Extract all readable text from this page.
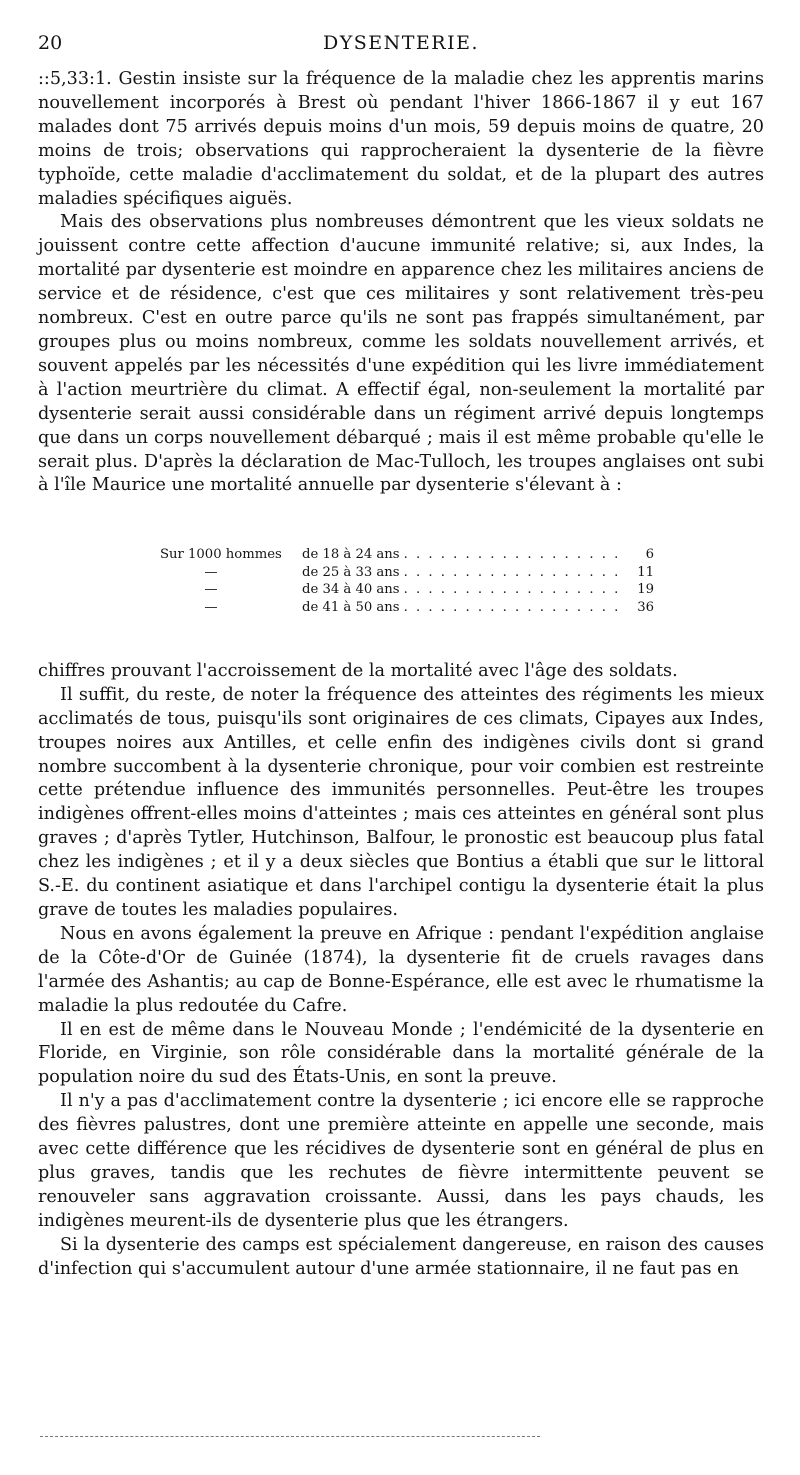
20	DYSENTERIE.

::5,33:1. Gestin insiste sur la fréquence de la maladie chez les apprentis marins nouvellement incorporés à Brest où pendant l'hiver 1866-1867 il y eut 167 malades dont 75 arrivés depuis moins d'un mois, 59 depuis moins de quatre, 20 moins de trois; observations qui rapprocheraient la dysenterie de la fièvre typhoïde, cette maladie d'acclimatement du soldat, et de la plupart des autres maladies spécifiques aiguës.

Mais des observations plus nombreuses démontrent que les vieux soldats ne jouissent contre cette affection d'aucune immunité relative; si, aux Indes, la mortalité par dysenterie est moindre en apparence chez les militaires anciens de service et de résidence, c'est que ces militaires y sont relativement très-peu nombreux. C'est en outre parce qu'ils ne sont pas frappés simultanément, par groupes plus ou moins nombreux, comme les soldats nouvellement arrivés, et souvent appelés par les nécessités d'une expédition qui les livre immédiatement à l'action meurtrière du climat. A effectif égal, non-seulement la mortalité par dysenterie serait aussi considérable dans un régiment arrivé depuis longtemps que dans un corps nouvellement débarqué ; mais il est même probable qu'elle le serait plus. D'après la déclaration de Mac-Tulloch, les troupes anglaises ont subi à l'île Maurice une mortalité annuelle par dysenterie s'élevant à :

Sur 1000 hommes	de 18 à 24 ans . . .	6
—	de 25 à 33 ans . . .	11
—	de 34 à 40 ans . . .	19
—	de 41 à 50 ans . . .	36

chiffres prouvant l'accroissement de la mortalité avec l'âge des soldats.

Il suffit, du reste, de noter la fréquence des atteintes des régiments les mieux acclimatés de tous, puisqu'ils sont originaires de ces climats, Cipayes aux Indes, troupes noires aux Antilles, et celle enfin des indigènes civils dont si grand nombre succombent à la dysenterie chronique, pour voir combien est restreinte cette prétendue influence des immunités personnelles. Peut-être les troupes indigènes offrent-elles moins d'atteintes ; mais ces atteintes en général sont plus graves ; d'après Tytler, Hutchinson, Balfour, le pronostic est beaucoup plus fatal chez les indigènes ; et il y a deux siècles que Bontius a établi que sur le littoral S.-E. du continent asiatique et dans l'archipel contigu la dysenterie était la plus grave de toutes les maladies populaires.

Nous en avons également la preuve en Afrique : pendant l'expédition anglaise de la Côte-d'Or de Guinée (1874), la dysenterie fit de cruels ravages dans l'armée des Ashantis; au cap de Bonne-Espérance, elle est avec le rhumatisme la maladie la plus redoutée du Cafre.

Il en est de même dans le Nouveau Monde ; l'endémicité de la dysenterie en Floride, en Virginie, son rôle considérable dans la mortalité générale de la population noire du sud des États-Unis, en sont la preuve.

Il n'y a pas d'acclimatement contre la dysenterie ; ici encore elle se rapproche des fièvres palustres, dont une première atteinte en appelle une seconde, mais avec cette différence que les récidives de dysenterie sont en général de plus en plus graves, tandis que les rechutes de fièvre intermittente peuvent se renouveler sans aggravation croissante. Aussi, dans les pays chauds, les indigènes meurent-ils de dysenterie plus que les étrangers.

Si la dysenterie des camps est spécialement dangereuse, en raison des causes d'infection qui s'accumulent autour d'une armée stationnaire, il ne faut pas en
